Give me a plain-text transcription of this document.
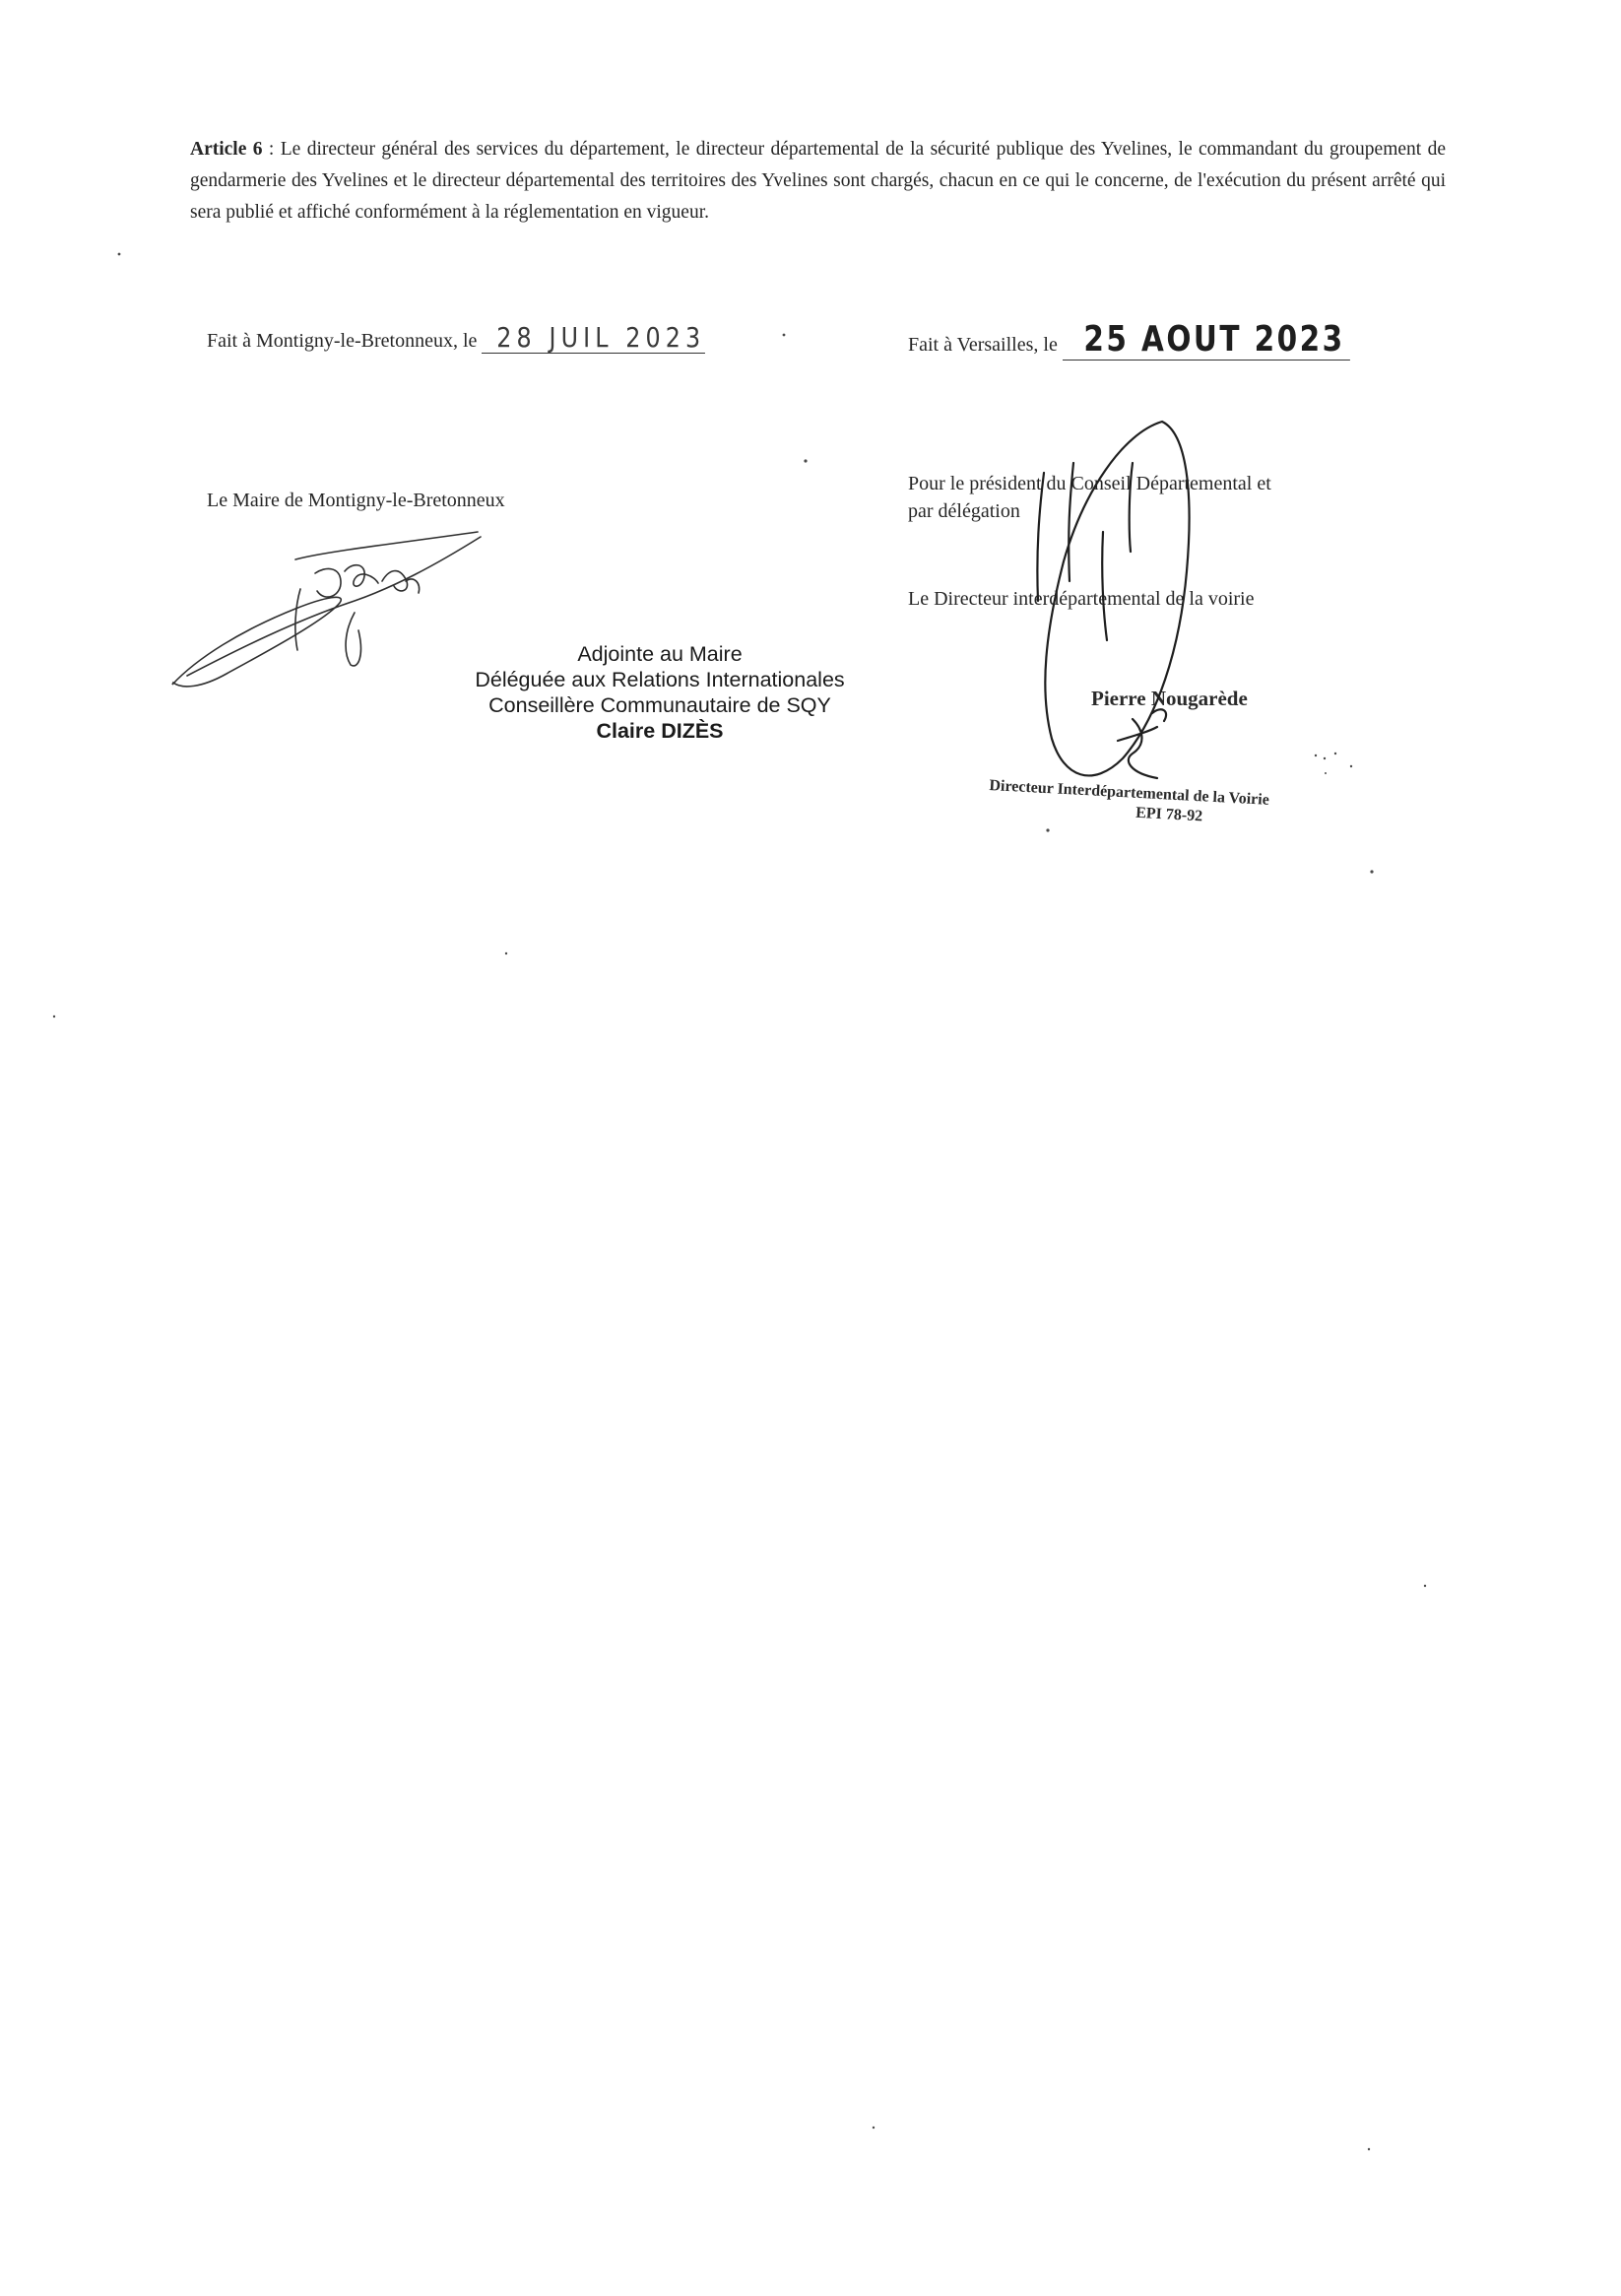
Article 6 : Le directeur général des services du département, le directeur départemental de la sécurité publique des Yvelines, le commandant du groupement de gendarmerie des Yvelines et le directeur départemental des territoires des Yvelines sont chargés, chacun en ce qui le concerne, de l'exécution du présent arrêté qui sera publié et affiché conformément à la réglementation en vigueur.

Fait à Montigny-le-Bretonneux, le 28 JUIL 2023	Fait à Versailles, le 25 AOUT 2023
Le Maire de Montigny-le-Bretonneux
Pour le président du Conseil Départemental et
par délégation
Le Directeur interdépartemental de la voirie
Pierre Nougarède
Adjointe au Maire
Déléguée aux Relations Internationales
Conseillère Communautaire de SQY
Claire DIZÈS
Directeur Interdépartemental de la Voirie
EPI 78-92
